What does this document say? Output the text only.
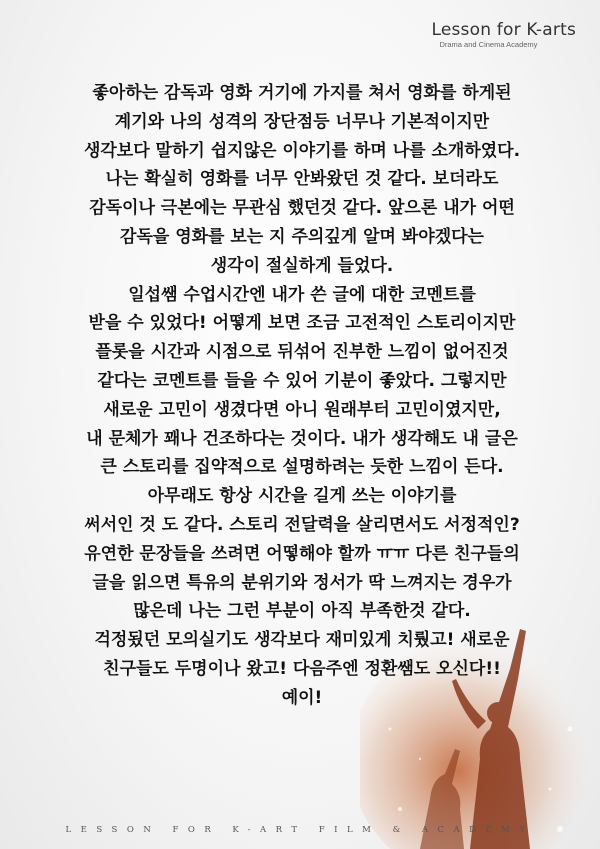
Lesson for K-arts
Drama and Cinema Academy
좋아하는 감독과 영화 거기에 가지를 쳐서 영화를 하게된
계기와 나의 성격의 장단점등 너무나 기본적이지만
생각보다 말하기 쉽지않은 이야기를 하며 나를 소개하였다.
나는 확실히 영화를 너무 안봐왔던 것 같다. 보더라도
감독이나 극본에는 무관심 했던것 같다. 앞으론 내가 어떤
감독을 영화를 보는 지 주의깊게 알며 봐야겠다는
생각이 절실하게 들었다.
일섭쌤 수업시간엔 내가 쓴 글에 대한 코멘트를
받을 수 있었다! 어떻게 보면 조금 고전적인 스토리이지만
플롯을 시간과 시점으로 뒤섞어 진부한 느낌이 없어진것
같다는 코멘트를 들을 수 있어 기분이 좋았다. 그렇지만
새로운 고민이 생겼다면 아니 원래부터 고민이였지만,
내 문체가 꽤나 건조하다는 것이다. 내가 생각해도 내 글은
큰 스토리를 집약적으로 설명하려는 듯한 느낌이 든다.
아무래도 항상 시간을 길게 쓰는 이야기를
써서인 것 도 같다. 스토리 전달력을 살리면서도 서정적인?
유연한 문장들을 쓰려면 어떻해야 할까 ㅠㅠ 다른 친구들의
글을 읽으면 특유의 분위기와 정서가 딱 느껴지는 경우가
많은데 나는 그런 부분이 아직 부족한것 같다.
걱정됬던 모의실기도 생각보다 재미있게 치뤘고! 새로운
친구들도 두명이나 왔고! 다음주엔 정환쌤도 오신다!!
예이!
LESSON FOR K-ART FILM & ACADEMY
